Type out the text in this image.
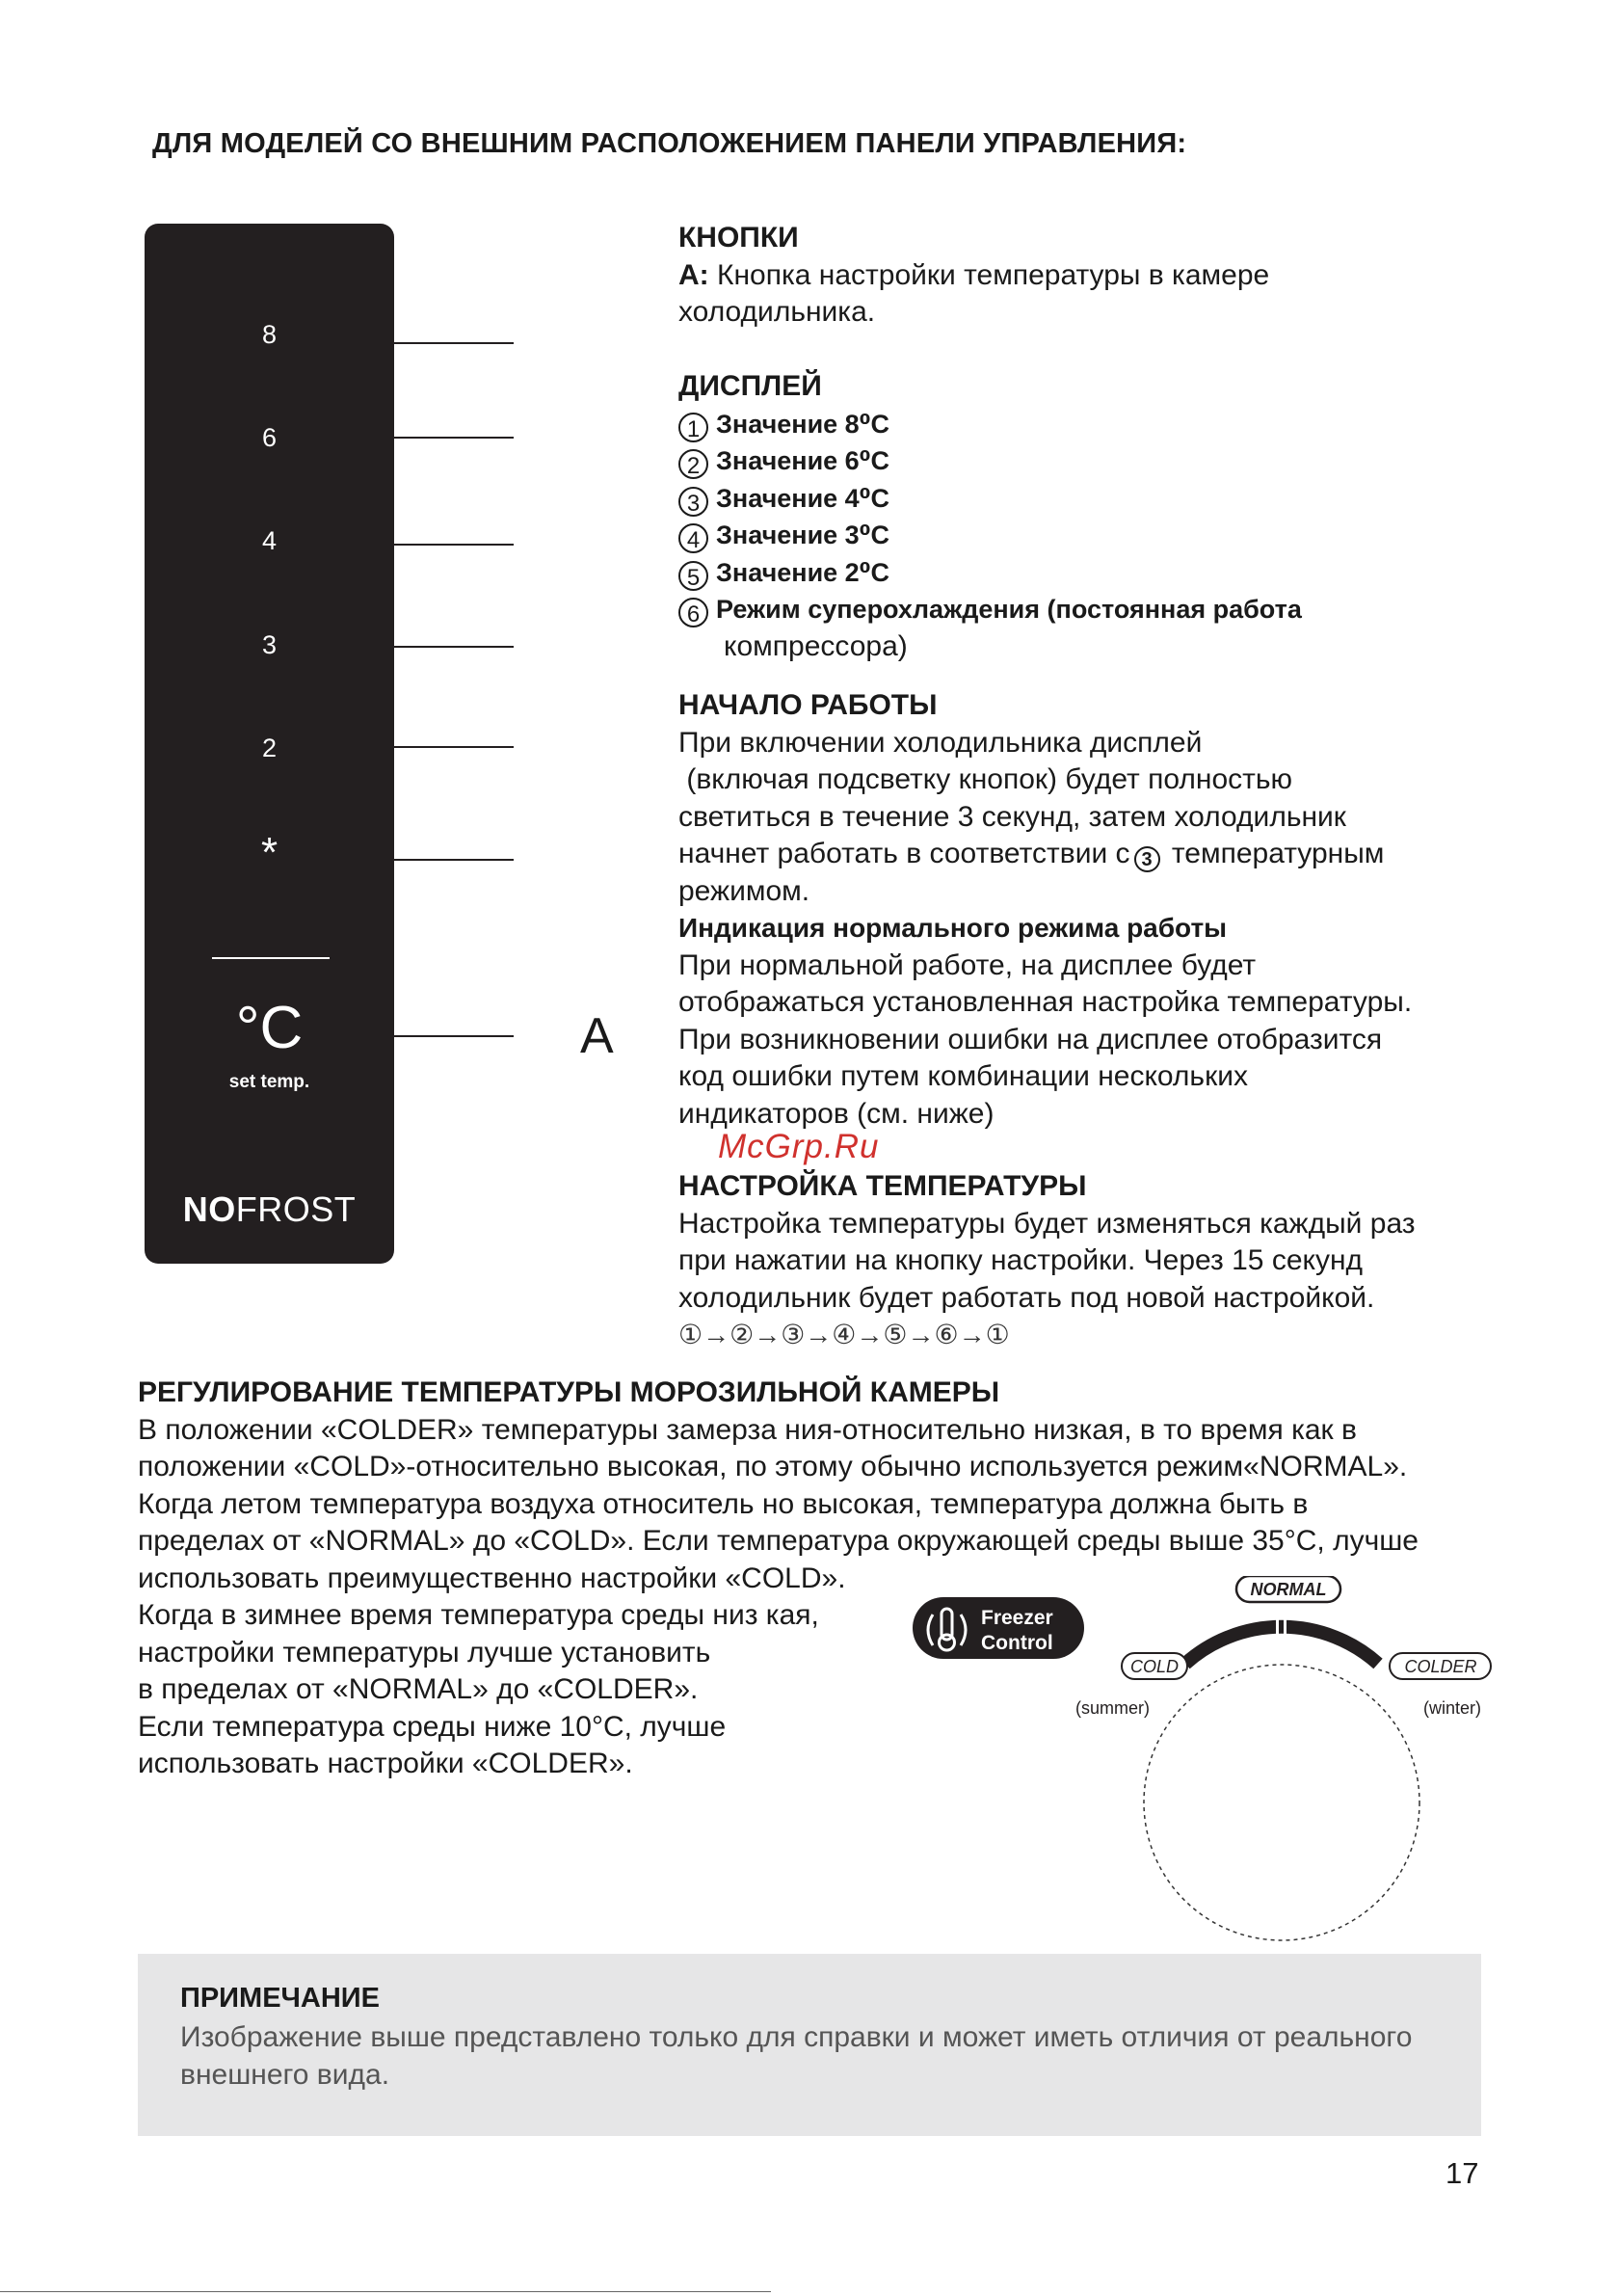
ДЛЯ МОДЕЛЕЙ СО ВНЕШНИМ РАСПОЛОЖЕНИЕМ ПАНЕЛИ УПРАВЛЕНИЯ:
8
6
4
3
2
*
°C
set temp.
NOFROST
A
КНОПКИ
A: Кнопка настройки температуры в камере
холодильника.
ДИСПЛЕЙ
1 Значение 8⁰C
2 Значение 6⁰C
3 Значение 4⁰C
4 Значение 3⁰C
5 Значение 2⁰C
6 Режим суперохлаждения (постоянная работа
компрессора)
НАЧАЛО РАБОТЫ
При включении холодильника дисплей
(включая подсветку кнопок) будет полностью
светиться в течение 3 секунд, затем холодильник
начнет работать в соответствии с 3 температурным
режимом.
Индикация нормального режима работы
При нормальной работе, на дисплее будет
отображаться установленная настройка температуры.
При возникновении ошибки на дисплее отобразится
код ошибки путем комбинации нескольких
индикаторов (см. ниже)
McGrp.Ru
НАСТРОЙКА ТЕМПЕРАТУРЫ
Настройка температуры будет изменяться каждый раз
при нажатии на кнопку настройки. Через 15 секунд
холодильник будет работать под новой настройкой.
①→②→③→④→⑤→⑥→①
РЕГУЛИРОВАНИЕ ТЕМПЕРАТУРЫ МОРОЗИЛЬНОЙ КАМЕРЫ
В положении «COLDER» температуры замерза ния-относительно низкая, в то время как в
положении «COLD»-относительно высокая, по этому обычно используется режим«NORMAL».
Когда летом температура воздуха относитель но высокая, температура должна быть в
пределах от «NORMAL» до «COLD». Если температура окружающей среды выше 35°C, лучше
использовать преимущественно настройки «COLD».
Когда в зимнее время температура среды низ кая,
настройки температуры лучше установить
в пределах от «NORMAL» до «COLDER».
Если температура среды ниже 10°C, лучше
использовать настройки «COLDER».
Freezer
Control
NORMAL
COLD	COLDER
(summer)	(winter)
ПРИМЕЧАНИЕ
Изображение выше представлено только для справки и может иметь отличия от реального внешнего вида.
17
